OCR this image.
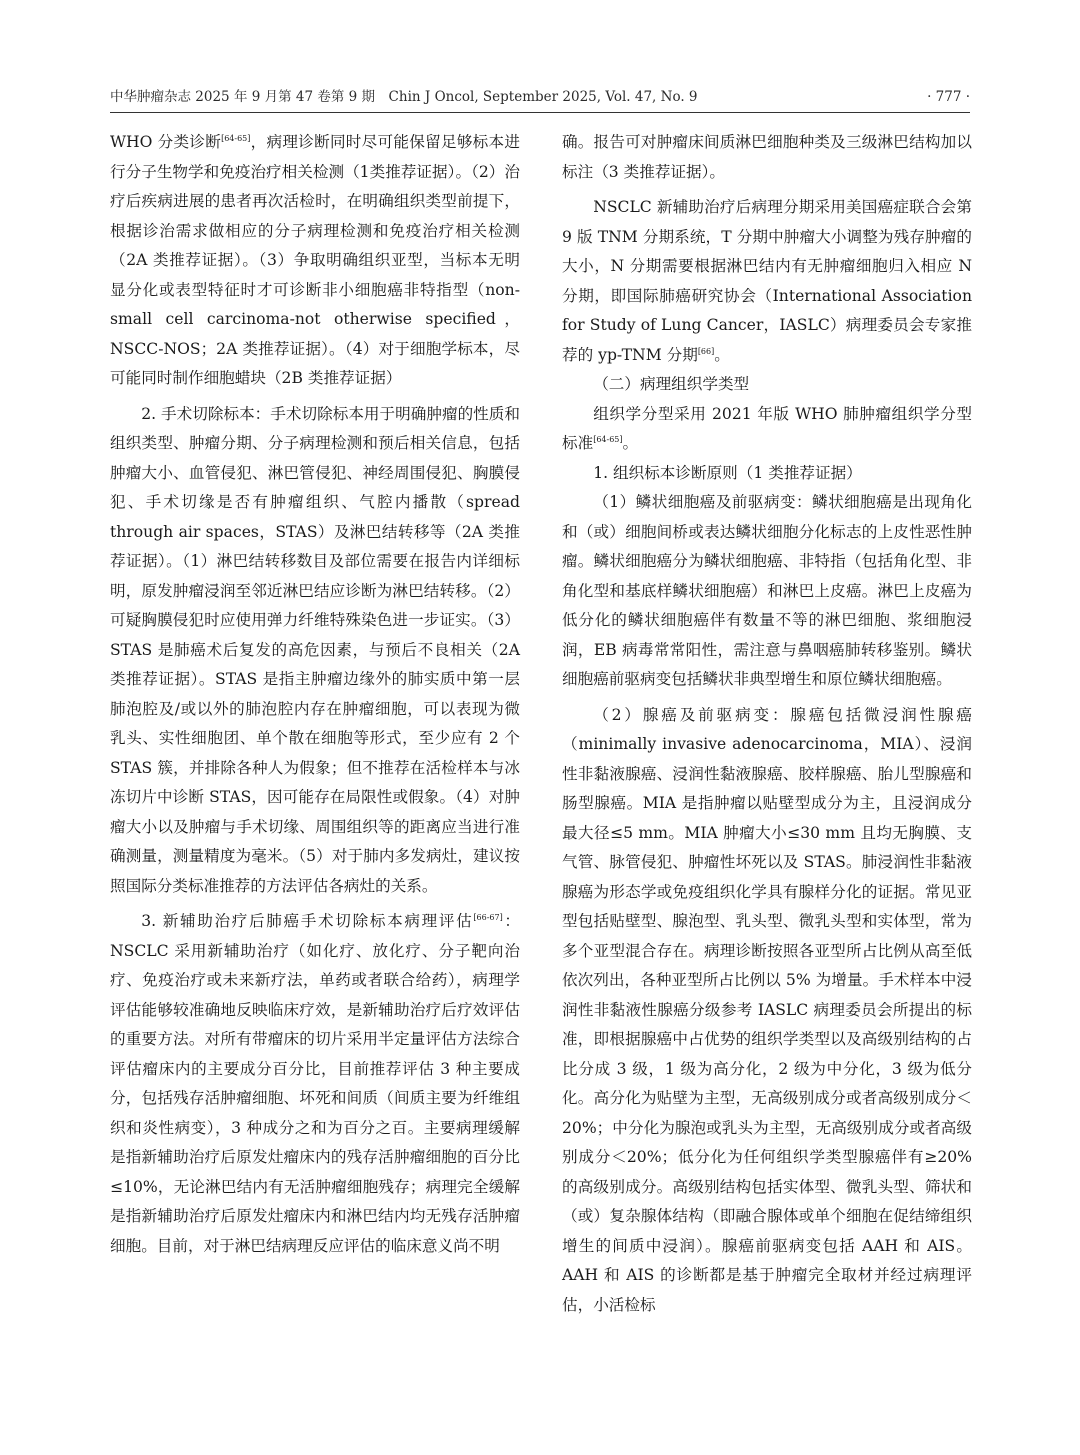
中华肿瘤杂志 2025 年 9 月第 47 卷第 9 期　Chin J Oncol, September 2025, Vol. 47, No. 9	· 777 ·

WHO 分类诊断[64-65]，病理诊断同时尽可能保留足够标本进行分子生物学和免疫治疗相关检测（1类推荐证据）。（2）治疗后疾病进展的患者再次活检时，在明确组织类型前提下，根据诊治需求做相应的分子病理检测和免疫治疗相关检测（2A 类推荐证据）。（3）争取明确组织亚型，当标本无明显分化或表型特征时才可诊断非小细胞癌非特指型（non-small cell carcinoma-not otherwise specified，NSCC-NOS；2A 类推荐证据）。（4）对于细胞学标本，尽可能同时制作细胞蜡块（2B 类推荐证据）

2. 手术切除标本：手术切除标本用于明确肿瘤的性质和组织类型、肿瘤分期、分子病理检测和预后相关信息，包括肿瘤大小、血管侵犯、淋巴管侵犯、神经周围侵犯、胸膜侵犯、手术切缘是否有肿瘤组织、气腔内播散（spread through air spaces，STAS）及淋巴结转移等（2A 类推荐证据）。（1）淋巴结转移数目及部位需要在报告内详细标明，原发肿瘤浸润至邻近淋巴结应诊断为淋巴结转移。（2）可疑胸膜侵犯时应使用弹力纤维特殊染色进一步证实。（3）STAS 是肺癌术后复发的高危因素，与预后不良相关（2A 类推荐证据）。STAS 是指主肿瘤边缘外的肺实质中第一层肺泡腔及/或以外的肺泡腔内存在肿瘤细胞，可以表现为微乳头、实性细胞团、单个散在细胞等形式，至少应有 2 个 STAS 簇，并排除各种人为假象；但不推荐在活检样本与冰冻切片中诊断 STAS，因可能存在局限性或假象。（4）对肿瘤大小以及肿瘤与手术切缘、周围组织等的距离应当进行准确测量，测量精度为毫米。（5）对于肺内多发病灶，建议按照国际分类标准推荐的方法评估各病灶的关系。

3. 新辅助治疗后肺癌手术切除标本病理评估[66-67]：NSCLC 采用新辅助治疗（如化疗、放化疗、分子靶向治疗、免疫治疗或未来新疗法，单药或者联合给药），病理学评估能够较准确地反映临床疗效，是新辅助治疗后疗效评估的重要方法。对所有带瘤床的切片采用半定量评估方法综合评估瘤床内的主要成分百分比，目前推荐评估 3 种主要成分，包括残存活肿瘤细胞、坏死和间质（间质主要为纤维组织和炎性病变），3 种成分之和为百分之百。主要病理缓解是指新辅助治疗后原发灶瘤床内的残存活肿瘤细胞的百分比≤10%，无论淋巴结内有无活肿瘤细胞残存；病理完全缓解是指新辅助治疗后原发灶瘤床内和淋巴结内均无残存活肿瘤细胞。目前，对于淋巴结病理反应评估的临床意义尚不明

确。报告可对肿瘤床间质淋巴细胞种类及三级淋巴结构加以标注（3 类推荐证据）。

NSCLC 新辅助治疗后病理分期采用美国癌症联合会第 9 版 TNM 分期系统，T 分期中肿瘤大小调整为残存肿瘤的大小，N 分期需要根据淋巴结内有无肿瘤细胞归入相应 N 分期，即国际肺癌研究协会（International Association for Study of Lung Cancer，IASLC）病理委员会专家推荐的 yp-TNM 分期[66]。

（二）病理组织学类型

组织学分型采用 2021 年版 WHO 肺肿瘤组织学分型标准[64-65]。

1. 组织标本诊断原则（1 类推荐证据）

（1）鳞状细胞癌及前驱病变：鳞状细胞癌是出现角化和（或）细胞间桥或表达鳞状细胞分化标志的上皮性恶性肿瘤。鳞状细胞癌分为鳞状细胞癌、非特指（包括角化型、非角化型和基底样鳞状细胞癌）和淋巴上皮癌。淋巴上皮癌为低分化的鳞状细胞癌伴有数量不等的淋巴细胞、浆细胞浸润，EB 病毒常常阳性，需注意与鼻咽癌肺转移鉴别。鳞状细胞癌前驱病变包括鳞状非典型增生和原位鳞状细胞癌。

（2）腺癌及前驱病变：腺癌包括微浸润性腺癌（minimally invasive adenocarcinoma，MIA）、浸润性非黏液腺癌、浸润性黏液腺癌、胶样腺癌、胎儿型腺癌和肠型腺癌。MIA 是指肿瘤以贴壁型成分为主，且浸润成分最大径≤5 mm。MIA 肿瘤大小≤30 mm 且均无胸膜、支气管、脉管侵犯、肿瘤性坏死以及 STAS。肺浸润性非黏液腺癌为形态学或免疫组织化学具有腺样分化的证据。常见亚型包括贴壁型、腺泡型、乳头型、微乳头型和实体型，常为多个亚型混合存在。病理诊断按照各亚型所占比例从高至低依次列出，各种亚型所占比例以 5% 为增量。手术样本中浸润性非黏液性腺癌分级参考 IASLC 病理委员会所提出的标准，即根据腺癌中占优势的组织学类型以及高级别结构的占比分成 3 级，1 级为高分化，2 级为中分化，3 级为低分化。高分化为贴壁为主型，无高级别成分或者高级别成分＜20%；中分化为腺泡或乳头为主型，无高级别成分或者高级别成分＜20%；低分化为任何组织学类型腺癌伴有≥20% 的高级别成分。高级别结构包括实体型、微乳头型、筛状和（或）复杂腺体结构（即融合腺体或单个细胞在促结缔组织增生的间质中浸润）。腺癌前驱病变包括 AAH 和 AIS。AAH 和 AIS 的诊断都是基于肿瘤完全取材并经过病理评估，小活检标
